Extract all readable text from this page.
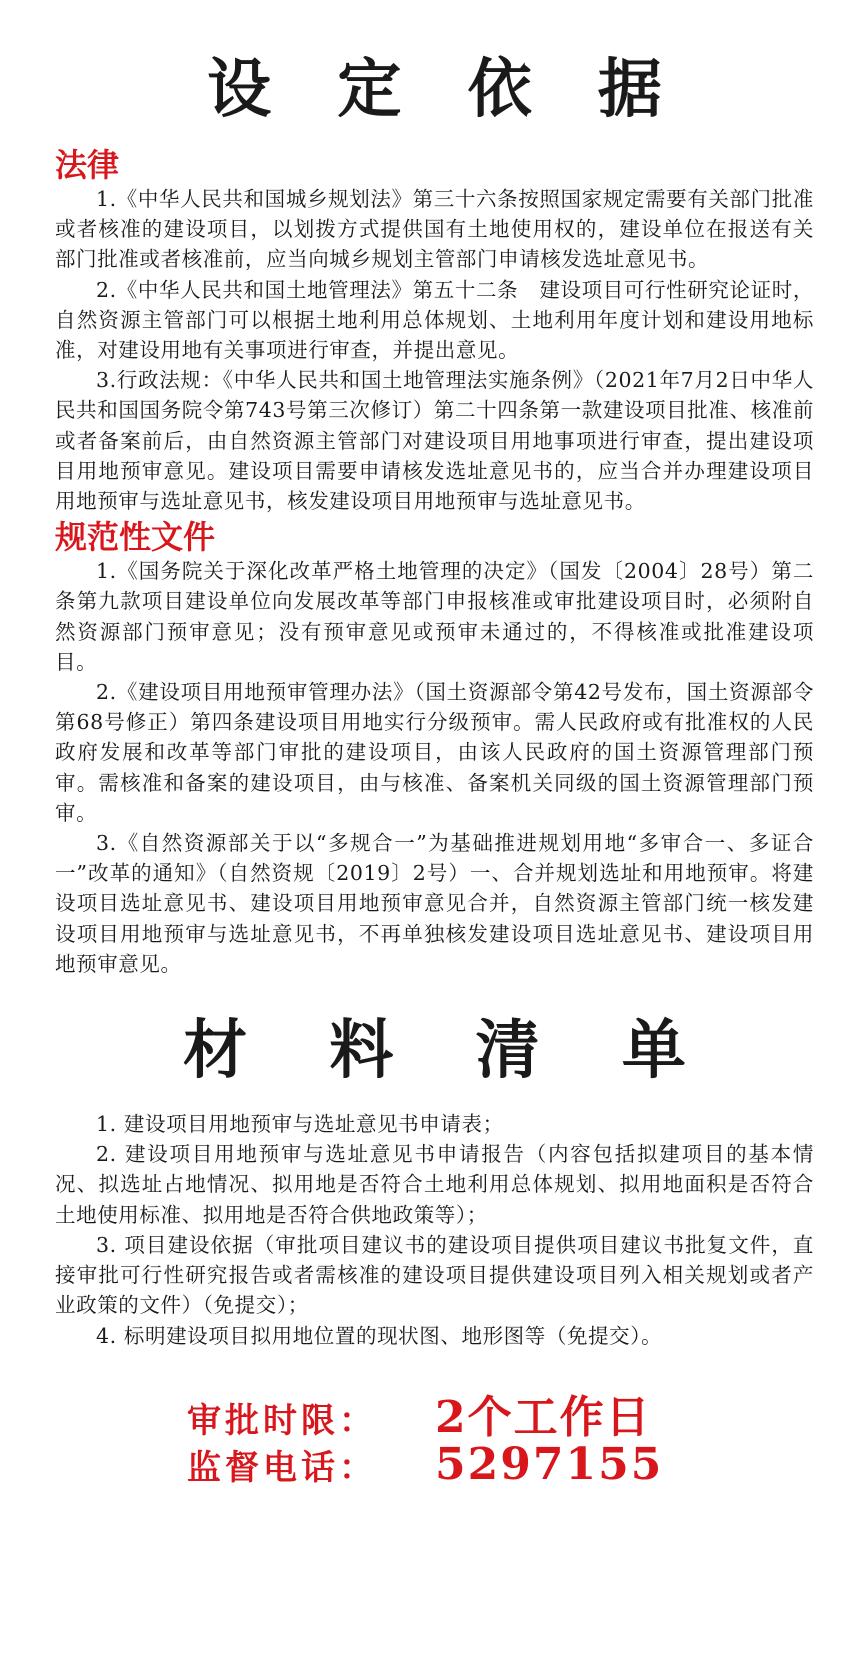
设 定 依 据
法律

1.《中华人民共和国城乡规划法》第三十六条按照国家规定需要有关部门批准或者核准的建设项目，以划拨方式提供国有土地使用权的，建设单位在报送有关部门批准或者核准前，应当向城乡规划主管部门申请核发选址意见书。

2.《中华人民共和国土地管理法》第五十二条　建设项目可行性研究论证时，自然资源主管部门可以根据土地利用总体规划、土地利用年度计划和建设用地标准，对建设用地有关事项进行审查，并提出意见。

3.行政法规：《中华人民共和国土地管理法实施条例》（2021年7月2日中华人民共和国国务院令第743号第三次修订）第二十四条第一款建设项目批准、核准前或者备案前后，由自然资源主管部门对建设项目用地事项进行审查，提出建设项目用地预审意见。建设项目需要申请核发选址意见书的，应当合并办理建设项目用地预审与选址意见书，核发建设项目用地预审与选址意见书。

规范性文件

1.《国务院关于深化改革严格土地管理的决定》（国发〔2004〕28号）第二条第九款项目建设单位向发展改革等部门申报核准或审批建设项目时，必须附自然资源部门预审意见；没有预审意见或预审未通过的，不得核准或批准建设项目。

2.《建设项目用地预审管理办法》（国土资源部令第42号发布，国土资源部令第68号修正）第四条建设项目用地实行分级预审。需人民政府或有批准权的人民政府发展和改革等部门审批的建设项目，由该人民政府的国土资源管理部门预审。需核准和备案的建设项目，由与核准、备案机关同级的国土资源管理部门预审。

3.《自然资源部关于以“多规合一”为基础推进规划用地“多审合一、多证合一”改革的通知》（自然资规〔2019〕2号）一、合并规划选址和用地预审。将建设项目选址意见书、建设项目用地预审意见合并，自然资源主管部门统一核发建设项目用地预审与选址意见书，不再单独核发建设项目选址意见书、建设项目用地预审意见。

材 料 清 单

1. 建设项目用地预审与选址意见书申请表；

2. 建设项目用地预审与选址意见书申请报告（内容包括拟建项目的基本情况、拟选址占地情况、拟用地是否符合土地利用总体规划、拟用地面积是否符合土地使用标准、拟用地是否符合供地政策等）；

3. 项目建设依据（审批项目建议书的建设项目提供项目建议书批复文件，直接审批可行性研究报告或者需核准的建设项目提供建设项目列入相关规划或者产业政策的文件）（免提交）；

4. 标明建设项目拟用地位置的现状图、地形图等（免提交）。

审批时限：	2个工作日
监督电话：	5297155
